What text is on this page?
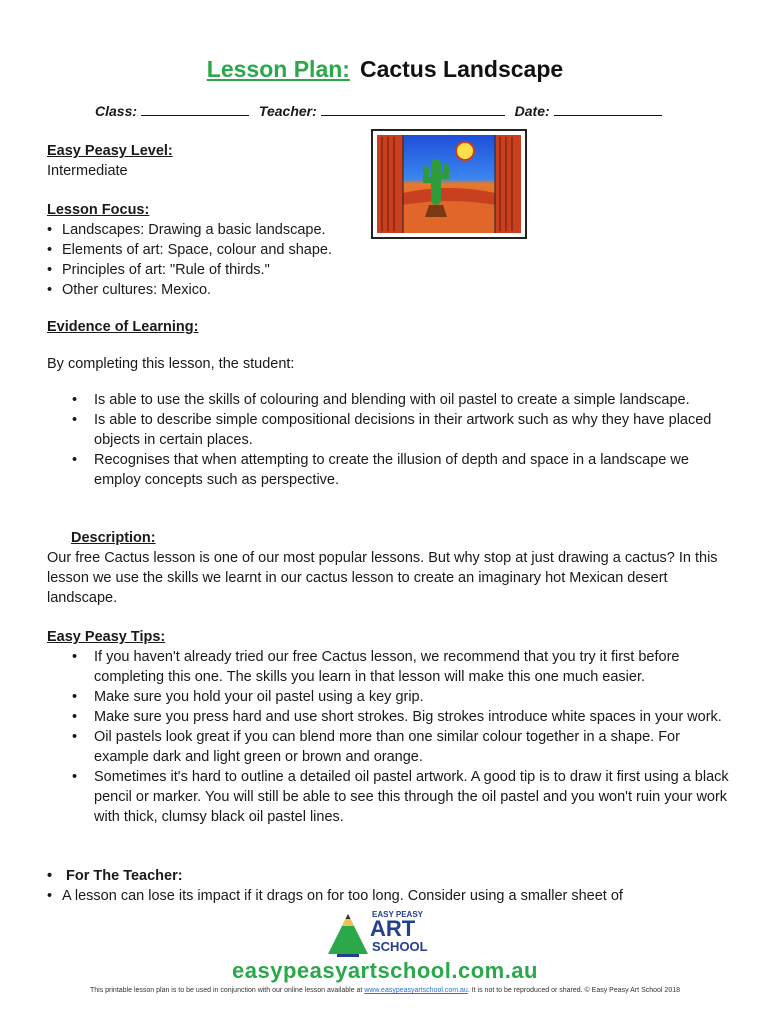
Lesson Plan: Cactus Landscape
Class:	Teacher:	Date:
Easy Peasy Level:
Intermediate
Lesson Focus:
• Landscapes: Drawing a basic landscape.
• Elements of art: Space, colour and shape.
• Principles of art: "Rule of thirds."
• Other cultures: Mexico.
Evidence of Learning:
By completing this lesson, the student:
• Is able to use the skills of colouring and blending with oil pastel to create a simple landscape.
• Is able to describe simple compositional decisions in their artwork such as why they have placed objects in certain places.
• Recognises that when attempting to create the illusion of depth and space in a landscape we employ concepts such as perspective.
Description:
Our free Cactus lesson is one of our most popular lessons. But why stop at just drawing a cactus? In this lesson we use the skills we learnt in our cactus lesson to create an imaginary hot Mexican desert landscape.
Easy Peasy Tips:
• If you haven't already tried our free Cactus lesson, we recommend that you try it first before completing this one. The skills you learn in that lesson will make this one much easier.
• Make sure you hold your oil pastel using a key grip.
• Make sure you press hard and use short strokes. Big strokes introduce white spaces in your work.
• Oil pastels look great if you can blend more than one similar colour together in a shape. For example dark and light green or brown and orange.
• Sometimes it's hard to outline a detailed oil pastel artwork. A good tip is to draw it first using a black pencil or marker. You will still be able to see this through the oil pastel and you won't ruin your work with thick, clumsy black oil pastel lines.
• For The Teacher:
• A lesson can lose its impact if it drags on for too long. Consider using a smaller sheet of
EASY PEASY
ART
SCHOOL
easypeasyartschool.com.au
This printable lesson plan is to be used in conjunction with our online lesson available at www.easypeasyartschool.com.au. It is not to be reproduced or shared. © Easy Peasy Art School 2018
